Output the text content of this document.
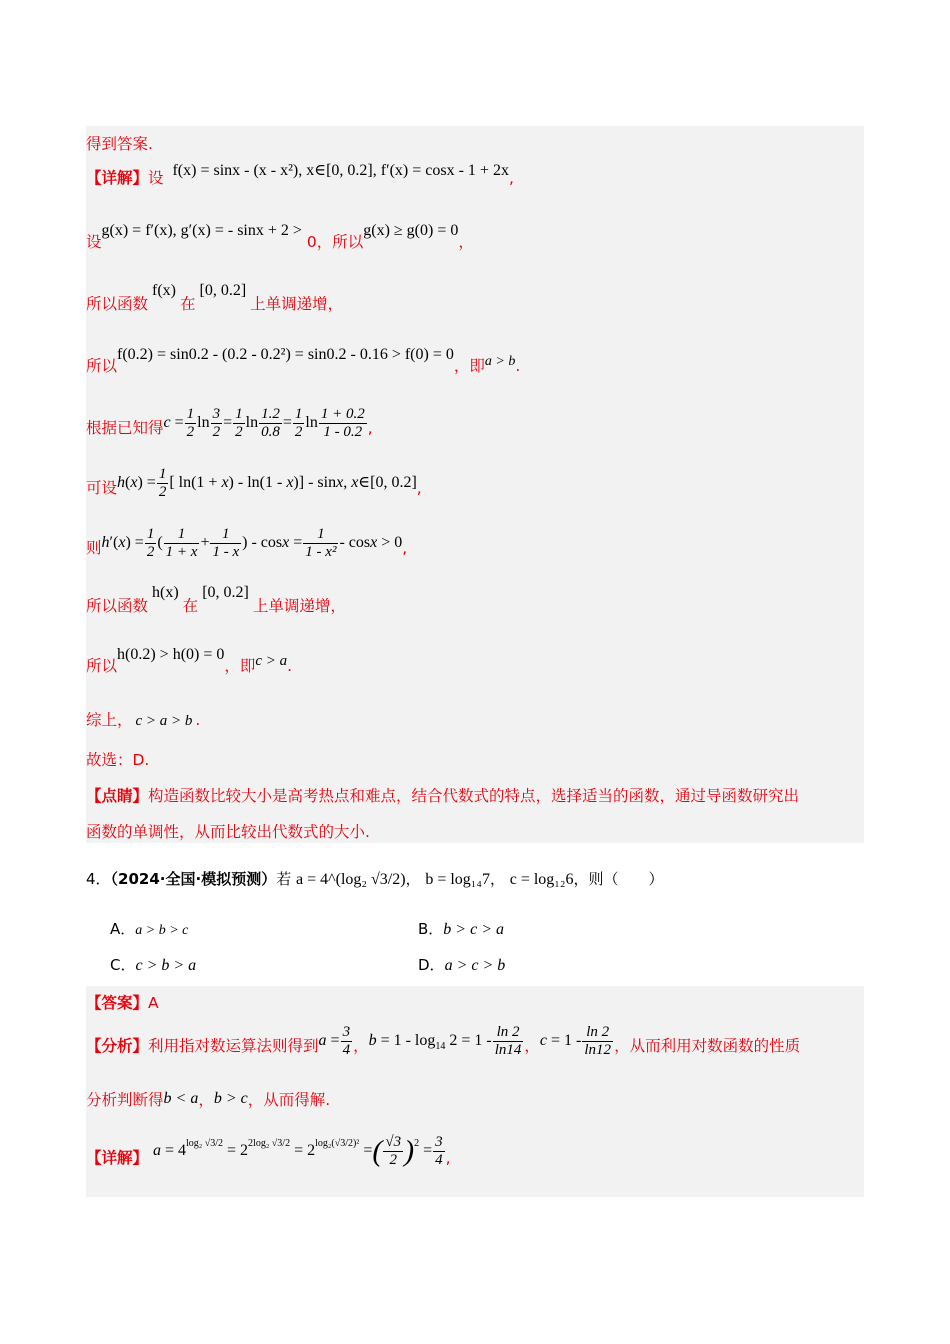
得到答案.
【详解】设 f(x) = sinx - (x - x²), x∈[0, 0.2], f′(x) = cosx - 1 + 2x,
设g(x) = f′(x), g′(x) = - sinx + 2 > 0，所以g(x) ≥ g(0) = 0，
所以函数f(x)在[0, 0.2]上单调递增，
所以f(0.2) = sin0.2 - (0.2 - 0.2²) = sin0.2 - 0.16 > f(0) = 0，即a > b.
根据已知得$c = \frac{1}{2}$ $\ln \frac{3}{2} = \frac{1}{2}$ $\ln \frac{1.2}{0.8} = \frac{1}{2}$ $\ln \frac{1 + 0.2}{1 - 0.2}$ ,
可设$h(x) = \frac{1}{2}$ [ ln(1 + x) - ln(1 - x)] - sinx, x∈[0, 0.2],
则$h'(x) = \frac{1}{2}$ ( $\frac{1}{1 + x} + \frac{1}{1 - x}$ ) - $\cos x = \frac{1}{\text{1 - x²}} - \cos x > 0$,
所以函数h(x)在[0, 0.2]上单调递增，
所以h(0.2) > h(0) = 0，即c > a.
综上， c > a > b .
故选：D.
【点睛】构造函数比较大小是高考热点和难点，结合代数式的特点，选择适当的函数，通过导函数研究出
函数的单调性，从而比较出代数式的大小.
4．（2024·全国·模拟预测）若 a = 4^(log₂ √3/2)， b = log₁₄7， c = log₁₂6，则（　　）
A．a > b > c	B．b > c > a
C．c > b > a	D．a > c > b
【答案】A
【分析】利用指对数运算法则得到$a = \frac{3}{4}$ ，$b = 1 - \log_{14} 2 = 1 - \frac{\ln 2}{\ln 14}$ ，$c = 1 - \frac{\ln 2}{\ln 12}$ ，从而利用对数函数的性质
分析判断得b < a，b > c，从而得解.
【详解】 $a = 4^{log_2 √3/2} = 2^{2log_2 √3/2} = 2^{log_2(√3/2)^2}$ =( $\frac{√3}{2} )^2 = \frac{3}{4}$ ,
